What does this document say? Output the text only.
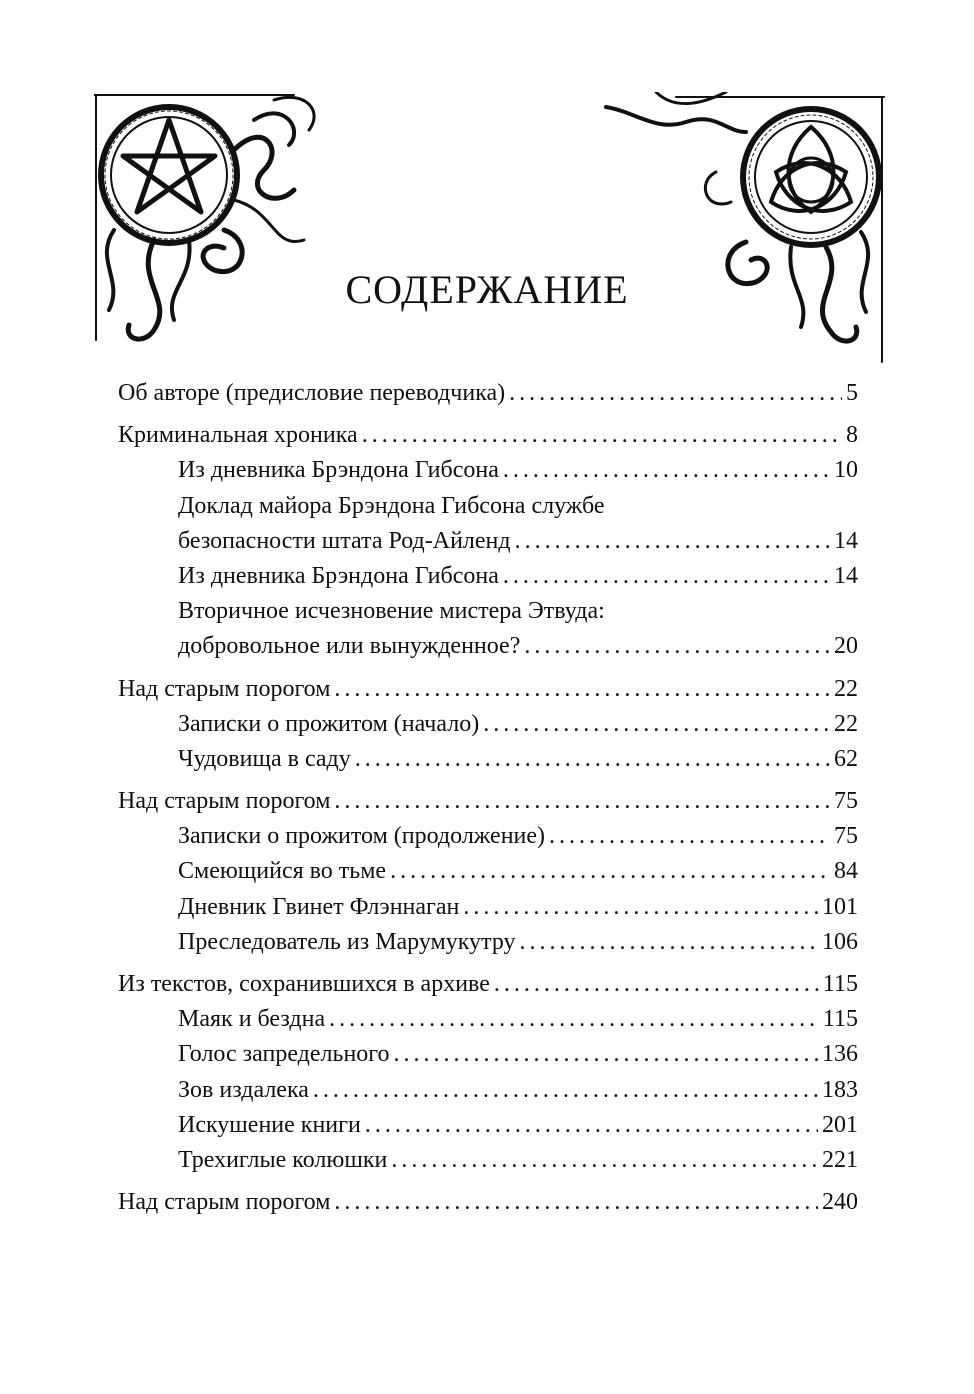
СОДЕРЖАНИЕ
Об авторе (предисловие переводчика) .....	5
Криминальная хроника .....	8
Из дневника Брэндона Гибсона .....	10
Доклад майора Брэндона Гибсона службе
безопасности штата Род-Айленд .....	14
Из дневника Брэндона Гибсона .....	14
Вторичное исчезновение мистера Этвуда:
добровольное или вынужденное? .....	20
Над старым порогом .....	22
Записки о прожитом (начало) .....	22
Чудовища в саду .....	62
Над старым порогом .....	75
Записки о прожитом (продолжение) .....	75
Смеющийся во тьме .....	84
Дневник Гвинет Флэннаган .....	101
Преследователь из Марумукутру .....	106
Из текстов, сохранившихся в архиве .....	115
Маяк и бездна .....	115
Голос запредельного .....	136
Зов издалека .....	183
Искушение книги .....	201
Трехиглые колюшки .....	221
Над старым порогом .....	240
